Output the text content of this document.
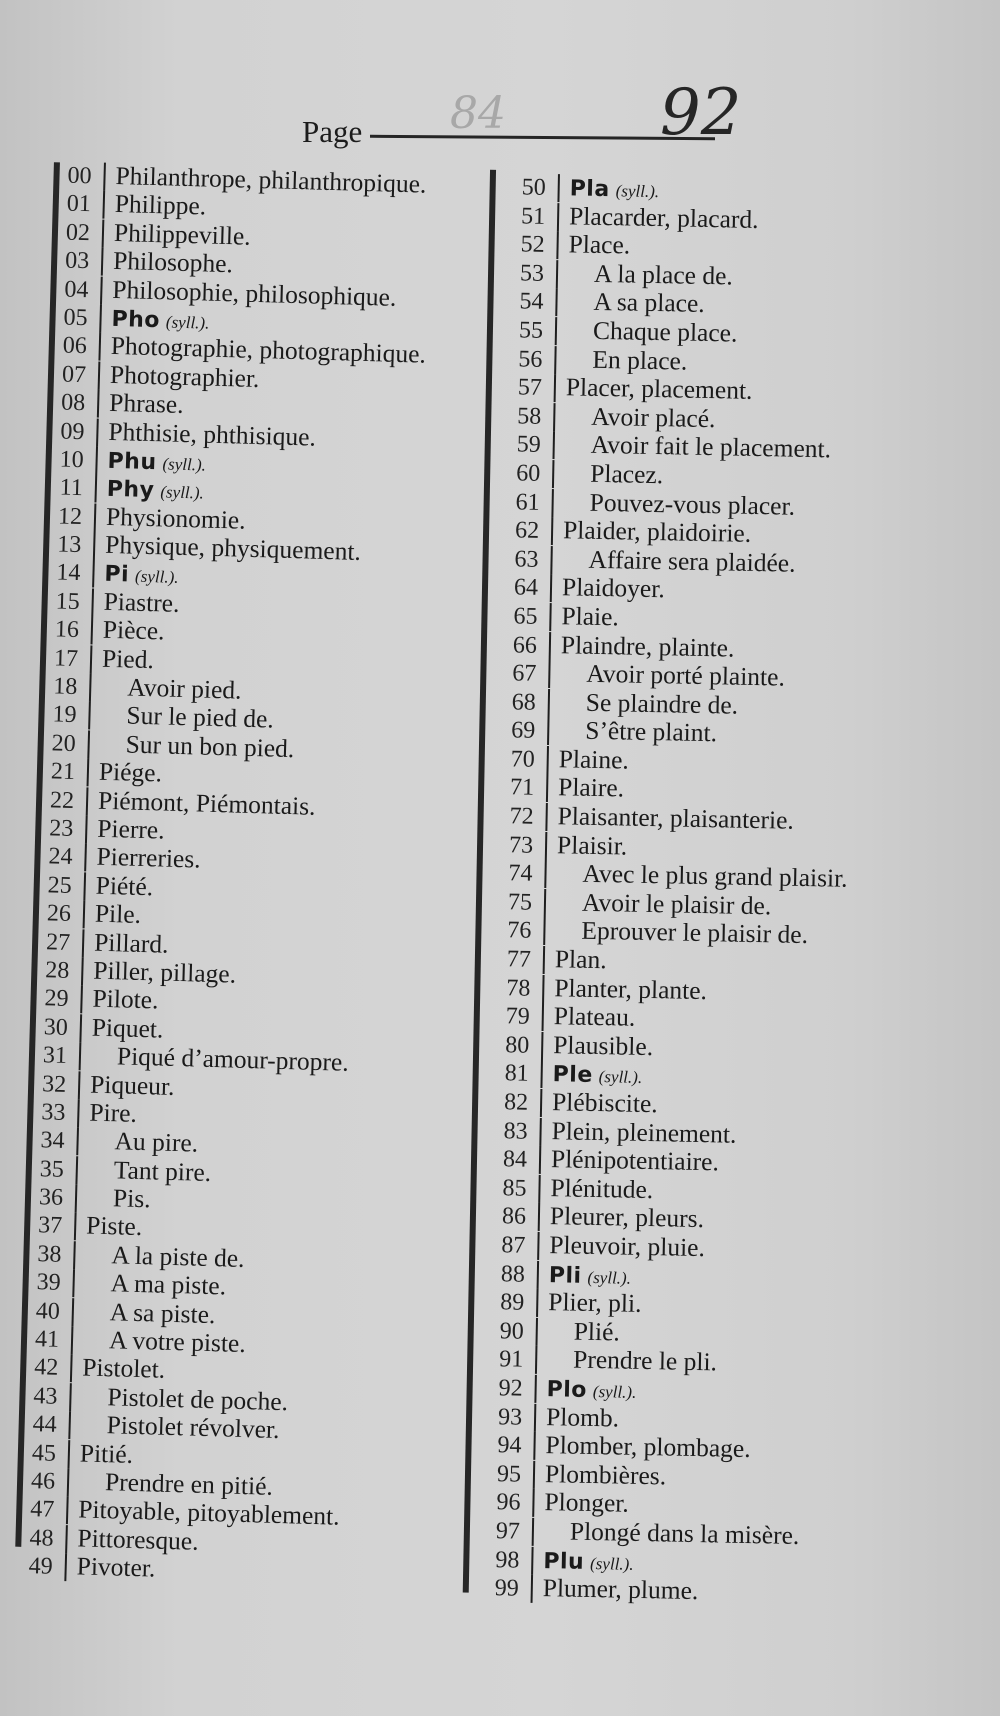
Page 84 92
00 Philanthrope, philanthropique.
01 Philippe.
02 Philippeville.
03 Philosophe.
04 Philosophie, philosophique.
05	Pho (syll.).
06 Photographie, photographique.
07 Photographier.
08 Phrase.
09 Phthisie, phthisique.
10	Phu (syll.).
11	Phy (syll.).
12 Physionomie.
13 Physique, physiquement.
14	Pi (syll.).
15 Piastre.
16 Pièce.
17 Pied.
18	Avoir pied.
19	Sur le pied de.
20	Sur un bon pied.
21 Piége.
22 Piémont, Piémontais.
23 Pierre.
24 Pierreries.
25 Piété.
26 Pile.
27 Pillard.
28 Piller, pillage.
29 Pilote.
30 Piquet.
31	Piqué d’amour-propre.
32 Piqueur.
33 Pire.
34	Au pire.
35	Tant pire.
36	Pis.
37 Piste.
38	A la piste de.
39	A ma piste.
40	A sa piste.
41	A votre piste.
42 Pistolet.
43	Pistolet de poche.
44	Pistolet révolver.
45 Pitié.
46	Prendre en pitié.
47 Pitoyable, pitoyablement.
48 Pittoresque.
49 Pivoter.
50	Pla (syll.).
51 Placarder, placard.
52 Place.
53	A la place de.
54	A sa place.
55	Chaque place.
56	En place.
57 Placer, placement.
58	Avoir placé.
59	Avoir fait le placement.
60	Placez.
61	Pouvez-vous placer.
62 Plaider, plaidoirie.
63	Affaire sera plaidée.
64 Plaidoyer.
65 Plaie.
66 Plaindre, plainte.
67	Avoir porté plainte.
68	Se plaindre de.
69	S’être plaint.
70 Plaine.
71 Plaire.
72 Plaisanter, plaisanterie.
73 Plaisir.
74	Avec le plus grand plaisir.
75	Avoir le plaisir de.
76	Eprouver le plaisir de.
77 Plan.
78 Planter, plante.
79 Plateau.
80 Plausible.
81	Ple (syll.).
82 Plébiscite.
83 Plein, pleinement.
84 Plénipotentiaire.
85 Plénitude.
86 Pleurer, pleurs.
87 Pleuvoir, pluie.
88	Pli (syll.).
89 Plier, pli.
90	Plié.
91	Prendre le pli.
92	Plo (syll.).
93 Plomb.
94 Plomber, plombage.
95 Plombières.
96 Plonger.
97	Plongé dans la misère.
98	Plu (syll.).
99 Plumer, plume.
